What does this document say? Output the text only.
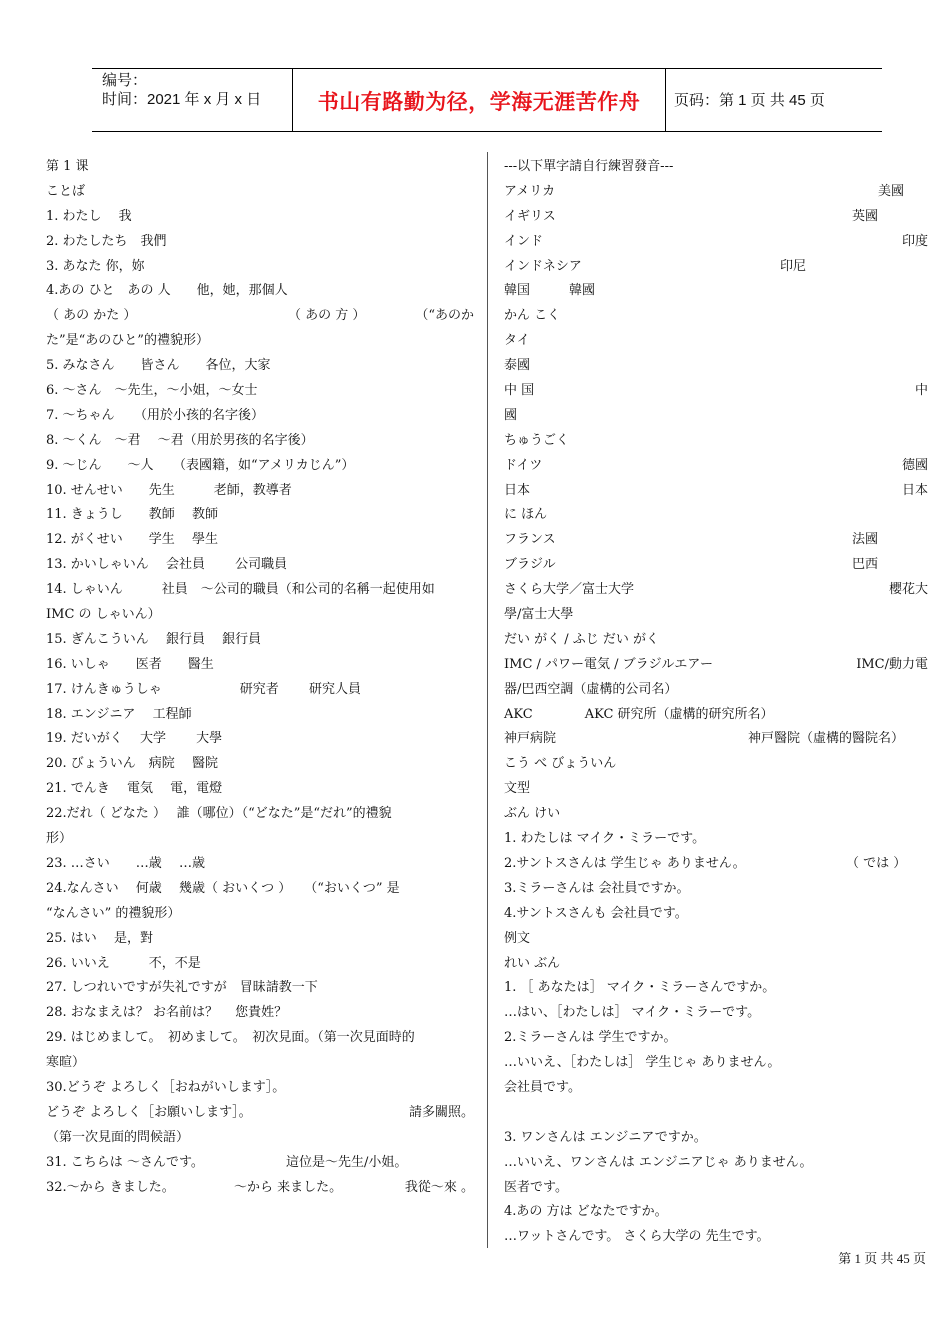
编号：
时间：2021 年 x 月 x 日	书山有路勤为径，学海无涯苦作舟	页码：第 1 页 共 45 页
第 1 课
ことば
1. わたし　 我
2. わたしたち　我們
3. あなた 你，妳
4.あの ひと　あの 人　　他，她，那個人
（ あの かた ）	（ あの 方 ）	（“あのか
た”是“あのひと”的禮貌形）
5. みなさん　　皆さん　　各位，大家
6. ～さん　～先生，～小姐，～女士
7. ～ちゃん　　（用於小孩的名字後）
8. ～くん　～君　 ～君（用於男孩的名字後）
9. ～じん　　～人　　（表國籍，如“アメリカじん”）
10. せんせい　　先生　　　老師，教導者
11. きょうし　　教師　 教師
12. がくせい　　学生　 學生
13. かいしゃいん　 会社員　　 公司職員
14. しゃいん　　　社員　～公司的職員（和公司的名稱一起使用如
IMC の しゃいん）
15. ぎんこういん　 銀行員　 銀行員
16. いしゃ　　医者　　醫生
17. けんきゅうしゃ　　　　　　研究者　　 研究人員
18. エンジニア　 工程師
19. だいがく　 大学　　 大學
20. びょういん　病院　 醫院
21. でんき　 電気　 電，電燈
22.だれ（ どなた ）　 誰（哪位）（“どなた”是“だれ”的禮貌
形）
23. …さい　　…歳　 …歳
24.なんさい　 何歳　 幾歳（ おいくつ ）　　（“おいくつ” 是
“なんさい” 的禮貌形）
25. はい　 是，對
26. いいえ　　　不，不是
27. しつれいですが失礼ですが　冒昧請教一下
28. おなまえは？ お名前は？　 您貴姓？
29. はじめまして。　初めまして。　初次見面。（第一次見面時的
寒暄）
30.どうぞ よろしく［おねがいします］。
どうぞ よろしく［お願いします］。	請多關照。
（第一次見面的問候語）
31. こちらは ～さんです。	這位是～先生/小姐。
32.～から きました。	～から 来ました。	我從～來 。
---以下單字請自行練習發音---
アメリカ	美國
イギリス	英國
インド	印度
インドネシア	印尼
韓国　　　韓國
かん こく
タイ
泰國
中 国	中
國
ちゅうごく
ドイツ	德國
日本	日本
に ほん
フランス	法國
ブラジル	巴西
さくら大学／富士大学	櫻花大
學/富士大學
だい がく / ふじ だい がく
IMC / パワー電気 / ブラジルエアー	IMC/動力電
器/巴西空調（虛構的公司名）
AKC　　　　AKC 研究所（虛構的研究所名）
神戸病院	神戸醫院（虛構的醫院名）
こう べ びょういん
文型
ぶん けい
1. わたしは マイク・ミラーです。
2.サントスさんは 学生じゃ ありません。	（ では ）
3.ミラーさんは 会社員ですか。
4.サントスさんも 会社員です。
例文
れい ぶん
1. ［ あなたは］ マイク・ミラーさんですか。
…はい、［わたしは］ マイク・ミラーです。
2.ミラーさんは 学生ですか。
…いいえ、［わたしは］ 学生じゃ ありません。
会社員です。
3. ワンさんは エンジニアですか。
…いいえ、ワンさんは エンジニアじゃ ありません。
医者です。
4.あの 方は どなたですか。
…ワットさんです。 さくら大学の 先生です。
第 1 页 共 45 页
